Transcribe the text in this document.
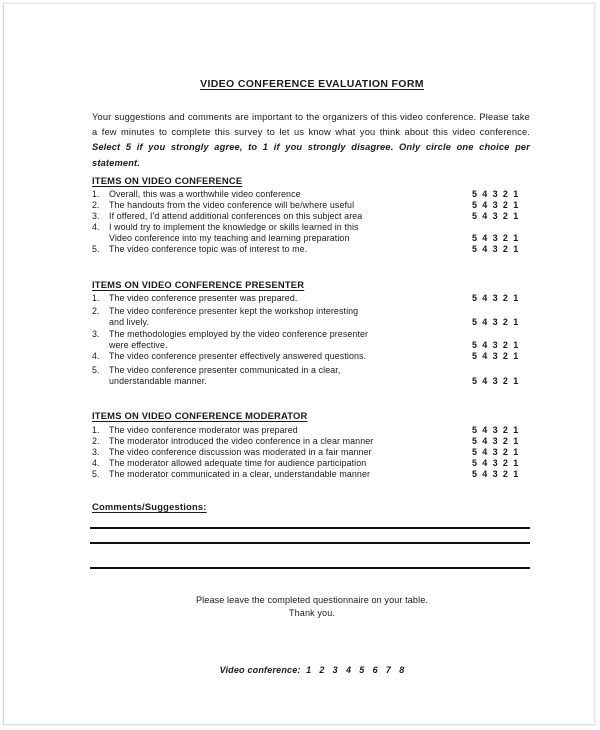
VIDEO CONFERENCE EVALUATION FORM
Your suggestions and comments are important to the organizers of this video conference. Please take a few minutes to complete this survey to let us know what you think about this video conference. Select 5 if you strongly agree, to 1 if you strongly disagree. Only circle one choice per statement.
ITEMS ON VIDEO CONFERENCE
1.	Overall, this was a worthwhile video conference	5  4  3  2  1
2.	The handouts from the video conference will be/where useful	5  4  3  2  1
3.	If offered, I'd attend additional conferences on this subject area	5  4  3  2  1
4.	I would try to implement the knowledge or skills learned in this
Video conference into my teaching and learning preparation	5  4  3  2  1
5.	The video conference topic was of interest to me.	5  4  3  2  1
ITEMS ON VIDEO CONFERENCE PRESENTER
1.	The video conference presenter was prepared.	5  4  3  2  1
2.	The video conference presenter kept the workshop interesting
and lively.	5  4  3  2  1
3.	The methodologies employed by the video conference presenter
were effective.	5  4  3  2  1
4.	The video conference presenter effectively answered questions.	5  4  3  2  1
5.	The video conference presenter communicated in a clear,
understandable manner.	5  4  3  2  1
ITEMS ON VIDEO CONFERENCE MODERATOR
1.	The video conference moderator was prepared	5  4  3  2  1
2.	The moderator introduced the video conference in a clear manner	5  4  3  2  1
3.	The video conference discussion was moderated in a fair manner	5  4  3  2  1
4.	The moderator allowed adequate time for audience participation	5  4  3  2  1
5.	The moderator communicated in a clear, understandable manner	5  4  3  2  1
Comments/Suggestions:
Please leave the completed questionnaire on your table.
Thank you.
Video conference:  1   2   3   4   5   6   7   8
